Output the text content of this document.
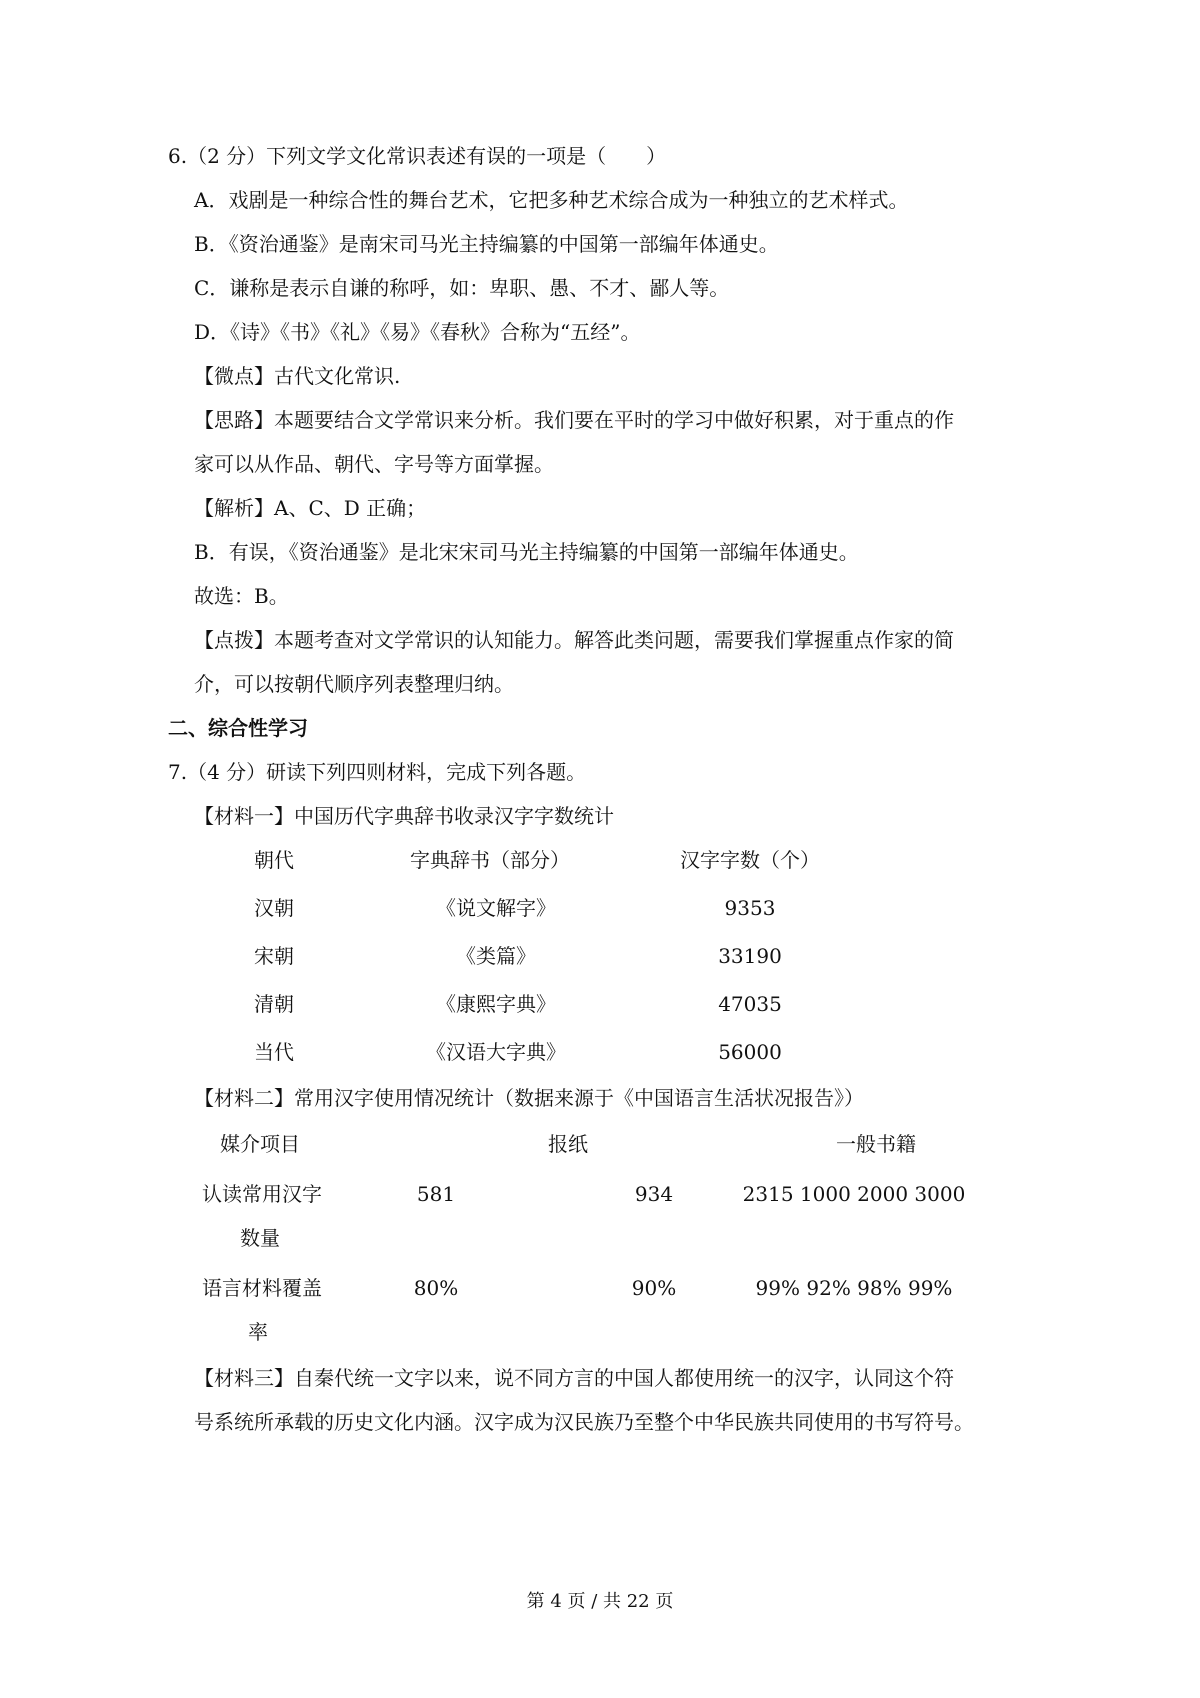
6.（2 分）下列文学文化常识表述有误的一项是（　　）
A．戏剧是一种综合性的舞台艺术，它把多种艺术综合成为一种独立的艺术样式。
B．《资治通鉴》是南宋司马光主持编纂的中国第一部编年体通史。
C．谦称是表示自谦的称呼，如：卑职、愚、不才、鄙人等。
D．《诗》《书》《礼》《易》《春秋》合称为“五经”。
【微点】古代文化常识.
【思路】本题要结合文学常识来分析。我们要在平时的学习中做好积累，对于重点的作
家可以从作品、朝代、字号等方面掌握。
【解析】A、C、D 正确；
B．有误，《资治通鉴》是北宋宋司马光主持编纂的中国第一部编年体通史。
故选：B。
【点拨】本题考查对文学常识的认知能力。解答此类问题，需要我们掌握重点作家的简
介，可以按朝代顺序列表整理归纳。
二、综合性学习
7.（4 分）研读下列四则材料，完成下列各题。
【材料一】中国历代字典辞书收录汉字字数统计
朝代	字典辞书（部分）	汉字字数（个）
汉朝	《说文解字》	9353
宋朝	《类篇》	33190
清朝	《康熙字典》	47035
当代	《汉语大字典》	56000
【材料二】常用汉字使用情况统计（数据来源于《中国语言生活状况报告》）
媒介项目	报纸	一般书籍
认读常用汉字
数量
581	934	2315 1000 2000 3000
语言材料覆盖
率
80%	90%	99% 92% 98% 99%
【材料三】自秦代统一文字以来，说不同方言的中国人都使用统一的汉字，认同这个符
号系统所承载的历史文化内涵。汉字成为汉民族乃至整个中华民族共同使用的书写符号。
第 4 页 / 共 22 页
